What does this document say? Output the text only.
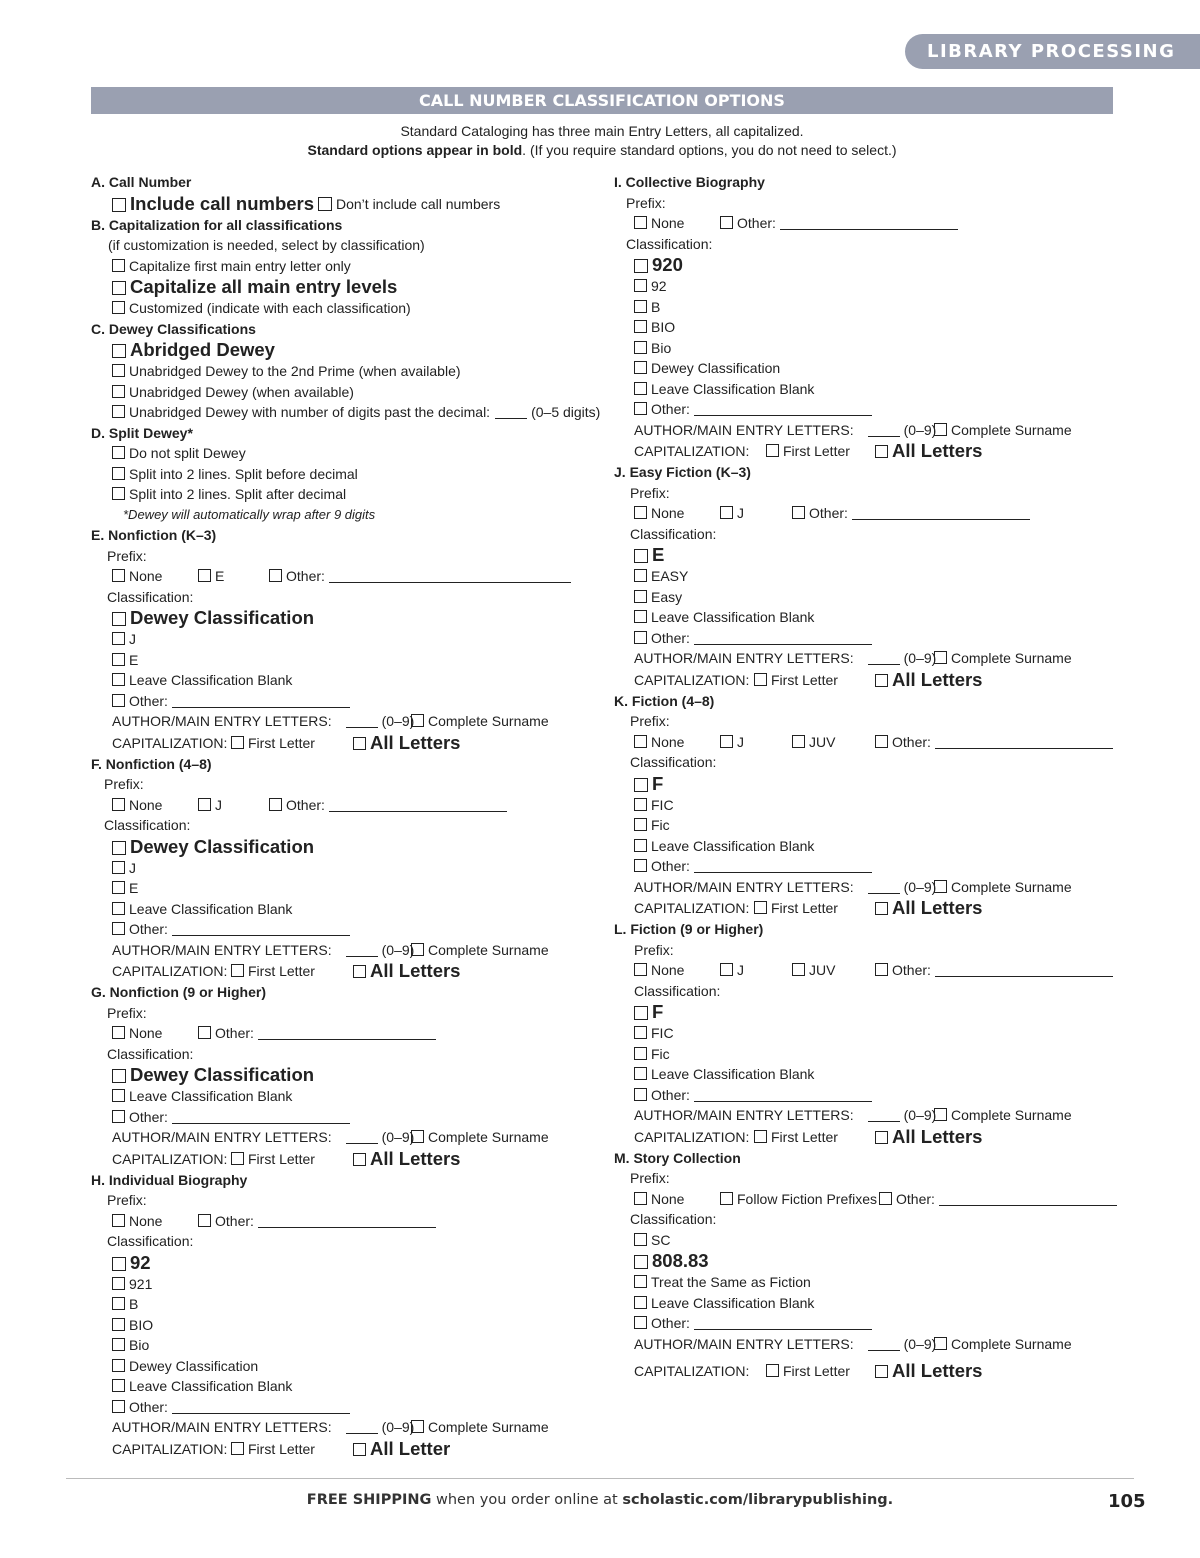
LIBRARY PROCESSING
CALL NUMBER CLASSIFICATION OPTIONS
Standard Cataloging has three main Entry Letters, all capitalized.
Standard options appear in bold. (If you require standard options, you do not need to select.)
A. Call Number
Include call numbers	Don’t include call numbers
B. Capitalization for all classifications
(if customization is needed, select by classification)
Capitalize first main entry letter only
Capitalize all main entry levels
Customized (indicate with each classification)
C. Dewey Classifications
Abridged Dewey
Unabridged Dewey to the 2nd Prime (when available)
Unabridged Dewey (when available)
Unabridged Dewey with number of digits past the decimal:	(0–5 digits)
D. Split Dewey*
Do not split Dewey
Split into 2 lines. Split before decimal
Split into 2 lines. Split after decimal
*Dewey will automatically wrap after 9 digits
E. Nonfiction (K–3)
Prefix:
None	E	Other:
Classification:
Dewey Classification
J
E
Leave Classification Blank
Other:
AUTHOR/MAIN ENTRY LETTERS:	(0–9) Complete Surname
CAPITALIZATION:	First Letter	All Letters
F. Nonfiction (4–8)
Prefix:
None	J	Other:
Classification:
Dewey Classification
J
E
Leave Classification Blank
Other:
AUTHOR/MAIN ENTRY LETTERS:	(0–9) Complete Surname
CAPITALIZATION:	First Letter	All Letters
G. Nonfiction (9 or Higher)
Prefix:
None	Other:
Classification:
Dewey Classification
Leave Classification Blank
Other:
AUTHOR/MAIN ENTRY LETTERS:	(0–9) Complete Surname
CAPITALIZATION:	First Letter	All Letters
H. Individual Biography
Prefix:
None	Other:
Classification:
92
921
B
BIO
Bio
Dewey Classification
Leave Classification Blank
Other:
AUTHOR/MAIN ENTRY LETTERS:	(0–9) Complete Surname
CAPITALIZATION:	First Letter	All Letter
I. Collective Biography
Prefix:
None	Other:
Classification:
920
92
B
BIO
Bio
Dewey Classification
Leave Classification Blank
Other:
AUTHOR/MAIN ENTRY LETTERS:	(0–9)	Complete Surname
CAPITALIZATION:	First Letter	All Letters
J. Easy Fiction (K–3)
Prefix:
None	J	Other:
Classification:
E
EASY
Easy
Leave Classification Blank
Other:
AUTHOR/MAIN ENTRY LETTERS:	(0–9)	Complete Surname
CAPITALIZATION:	First Letter	All Letters
K. Fiction (4–8)
Prefix:
None	J	JUV	Other:
Classification:
F
FIC
Fic
Leave Classification Blank
Other:
AUTHOR/MAIN ENTRY LETTERS:	(0–9)	Complete Surname
CAPITALIZATION:	First Letter	All Letters
L. Fiction (9 or Higher)
Prefix:
None	J	JUV	Other:
Classification:
F
FIC
Fic
Leave Classification Blank
Other:
AUTHOR/MAIN ENTRY LETTERS:	(0–9)	Complete Surname
CAPITALIZATION:	First Letter	All Letters
M. Story Collection
Prefix:
None	Follow Fiction Prefixes	Other:
Classification:
SC
808.83
Treat the Same as Fiction
Leave Classification Blank
Other:
AUTHOR/MAIN ENTRY LETTERS:	(0–9)	Complete Surname
CAPITALIZATION:	First Letter	All Letters
FREE SHIPPING when you order online at scholastic.com/librarypublishing.	105
